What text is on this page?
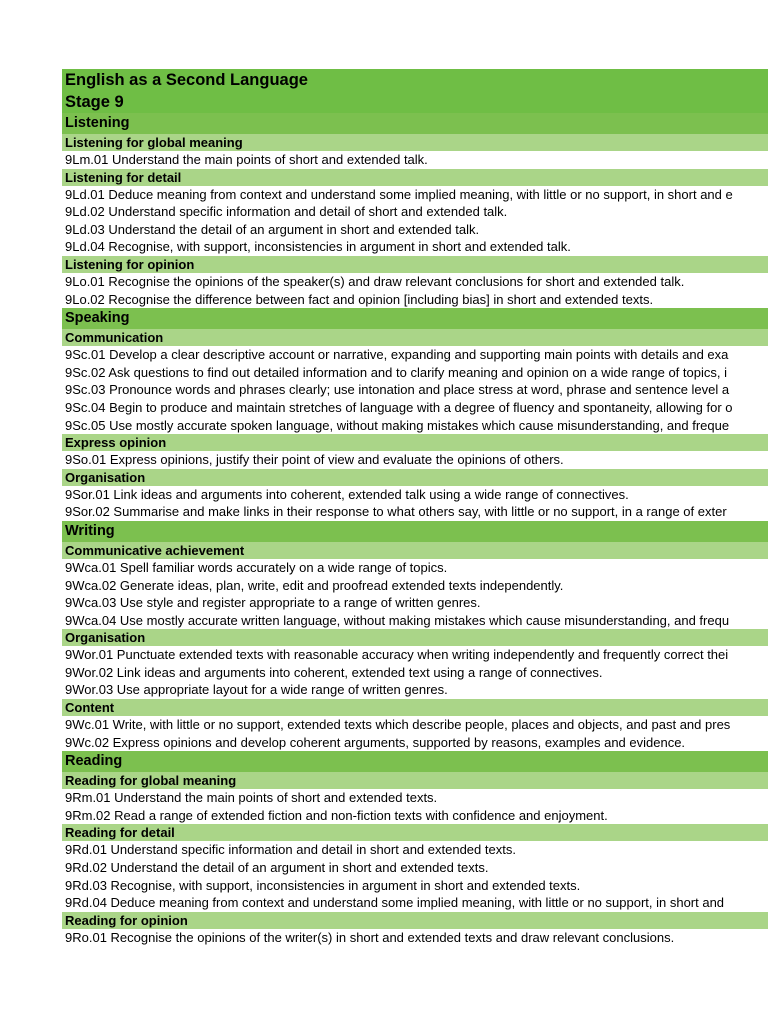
English as a Second Language
Stage 9
Listening
Listening for global meaning
9Lm.01 Understand the main points of short and extended talk.
Listening for detail
9Ld.01 Deduce meaning from context and understand some implied meaning, with little or no support, in short and e
9Ld.02 Understand specific information and detail of short and extended talk.
9Ld.03 Understand the detail of an argument in short and extended talk.
9Ld.04 Recognise, with support, inconsistencies in argument in short and extended talk.
Listening for opinion
9Lo.01 Recognise the opinions of the speaker(s) and draw relevant conclusions for short and extended talk.
9Lo.02 Recognise the difference between fact and opinion [including bias] in short and extended texts.
Speaking
Communication
9Sc.01 Develop a clear descriptive account or narrative, expanding and supporting main points with details and exa
9Sc.02 Ask questions to find out detailed information and to clarify meaning and opinion on a wide range of topics, i
9Sc.03 Pronounce words and phrases clearly; use intonation and place stress at word, phrase and sentence level a
9Sc.04 Begin to produce and maintain stretches of language with a degree of fluency and spontaneity, allowing for o
9Sc.05 Use mostly accurate spoken language, without making mistakes which cause misunderstanding, and freque
Express opinion
9So.01 Express opinions, justify their point of view and evaluate the opinions of others.
Organisation
9Sor.01 Link ideas and arguments into coherent, extended talk using a wide range of connectives.
9Sor.02 Summarise and make links in their response to what others say, with little or no support, in a range of exter
Writing
Communicative achievement
9Wca.01 Spell familiar words accurately on a wide range of topics.
9Wca.02 Generate ideas, plan, write, edit and proofread extended texts independently.
9Wca.03 Use style and register appropriate to a range of written genres.
9Wca.04 Use mostly accurate written language, without making mistakes which cause misunderstanding, and frequ
Organisation
9Wor.01 Punctuate extended texts with reasonable accuracy when writing independently and frequently correct thei
9Wor.02 Link ideas and arguments into coherent, extended text using a range of connectives.
9Wor.03 Use appropriate layout for a wide range of written genres.
Content
9Wc.01 Write, with little or no support, extended texts which describe people, places and objects, and past and pres
9Wc.02 Express opinions and develop coherent arguments, supported by reasons, examples and evidence.
Reading
Reading for global meaning
9Rm.01 Understand the main points of short and extended texts.
9Rm.02 Read a range of extended fiction and non-fiction texts with confidence and enjoyment.
Reading for detail
9Rd.01 Understand specific information and detail in short and extended texts.
9Rd.02 Understand the detail of an argument in short and extended texts.
9Rd.03 Recognise, with support, inconsistencies in argument in short and extended texts.
9Rd.04 Deduce meaning from context and understand some implied meaning, with little or no support, in short and
Reading for opinion
9Ro.01 Recognise the opinions of the writer(s) in short and extended texts and draw relevant conclusions.
